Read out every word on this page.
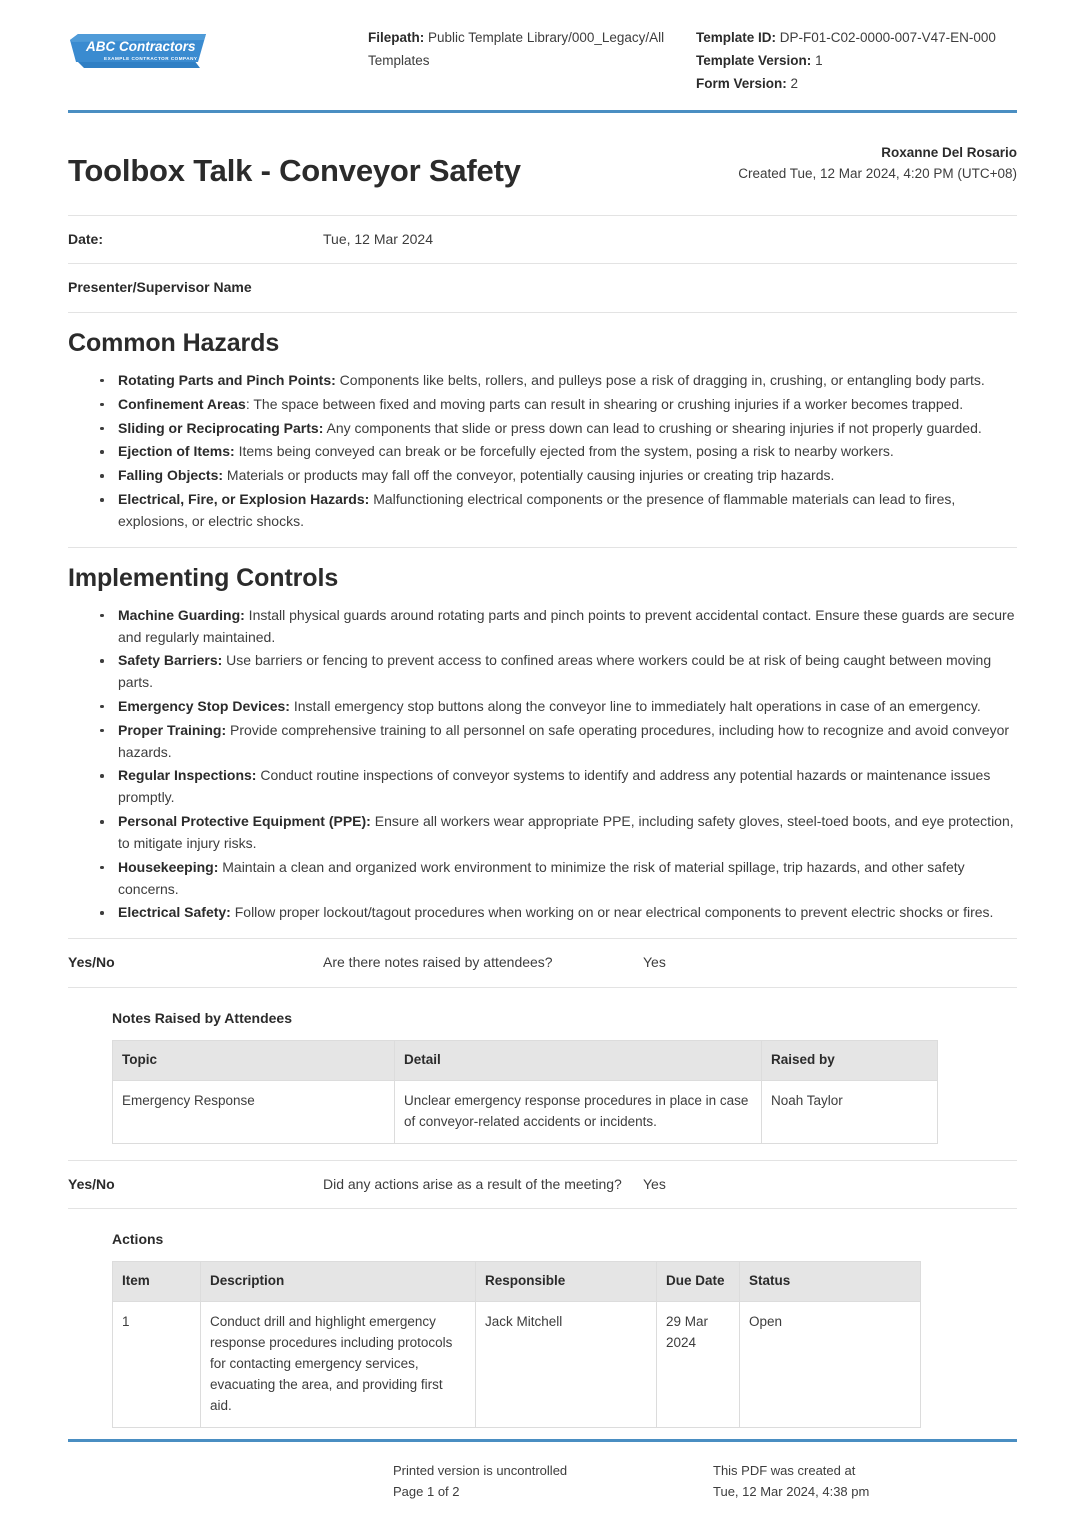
ABC Contractors
EXAMPLE CONTRACTOR COMPANY
Filepath: Public Template Library/000_Legacy/All Templates
Template ID: DP-F01-C02-0000-007-V47-EN-000
Template Version: 1
Form Version: 2
Toolbox Talk - Conveyor Safety
Roxanne Del Rosario
Created Tue, 12 Mar 2024, 4:20 PM (UTC+08)
Date:	Tue, 12 Mar 2024
Presenter/Supervisor Name
Common Hazards
Rotating Parts and Pinch Points: Components like belts, rollers, and pulleys pose a risk of dragging in, crushing, or entangling body parts.
Confinement Areas: The space between fixed and moving parts can result in shearing or crushing injuries if a worker becomes trapped.
Sliding or Reciprocating Parts: Any components that slide or press down can lead to crushing or shearing injuries if not properly guarded.
Ejection of Items: Items being conveyed can break or be forcefully ejected from the system, posing a risk to nearby workers.
Falling Objects: Materials or products may fall off the conveyor, potentially causing injuries or creating trip hazards.
Electrical, Fire, or Explosion Hazards: Malfunctioning electrical components or the presence of flammable materials can lead to fires, explosions, or electric shocks.
Implementing Controls
Machine Guarding: Install physical guards around rotating parts and pinch points to prevent accidental contact. Ensure these guards are secure and regularly maintained.
Safety Barriers: Use barriers or fencing to prevent access to confined areas where workers could be at risk of being caught between moving parts.
Emergency Stop Devices: Install emergency stop buttons along the conveyor line to immediately halt operations in case of an emergency.
Proper Training: Provide comprehensive training to all personnel on safe operating procedures, including how to recognize and avoid conveyor hazards.
Regular Inspections: Conduct routine inspections of conveyor systems to identify and address any potential hazards or maintenance issues promptly.
Personal Protective Equipment (PPE): Ensure all workers wear appropriate PPE, including safety gloves, steel-toed boots, and eye protection, to mitigate injury risks.
Housekeeping: Maintain a clean and organized work environment to minimize the risk of material spillage, trip hazards, and other safety concerns.
Electrical Safety: Follow proper lockout/tagout procedures when working on or near electrical components to prevent electric shocks or fires.
Yes/No	Are there notes raised by attendees?	Yes
Notes Raised by Attendees
Topic	Detail	Raised by
Emergency Response	Unclear emergency response procedures in place in case of conveyor-related accidents or incidents.	Noah Taylor
Yes/No	Did any actions arise as a result of the meeting?	Yes
Actions
Item	Description	Responsible	Due Date	Status
1	Conduct drill and highlight emergency response procedures including protocols for contacting emergency services, evacuating the area, and providing first aid.	Jack Mitchell	29 Mar 2024	Open
Printed version is uncontrolled
Page 1 of 2
This PDF was created at
Tue, 12 Mar 2024, 4:38 pm
